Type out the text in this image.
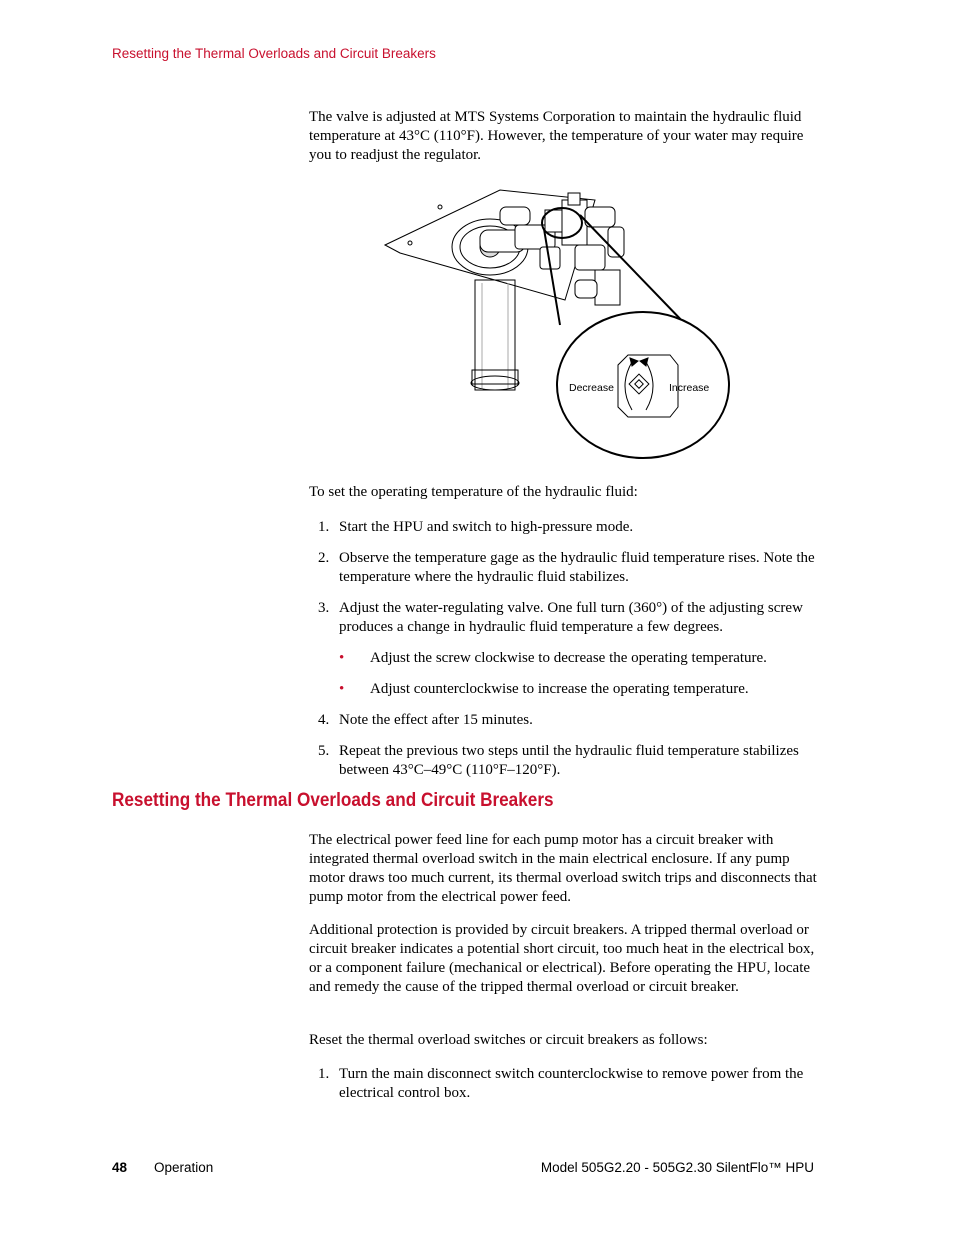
Resetting the Thermal Overloads and Circuit Breakers

The valve is adjusted at MTS Systems Corporation to maintain the hydraulic fluid temperature at 43°C (110°F). However, the temperature of your water may require you to readjust the regulator.

Decrease	Increase

To set the operating temperature of the hydraulic fluid:

1. Start the HPU and switch to high-pressure mode.
2. Observe the temperature gage as the hydraulic fluid temperature rises. Note the temperature where the hydraulic fluid stabilizes.
3. Adjust the water-regulating valve. One full turn (360°) of the adjusting screw produces a change in hydraulic fluid temperature a few degrees.
• Adjust the screw clockwise to decrease the operating temperature.
• Adjust counterclockwise to increase the operating temperature.
4. Note the effect after 15 minutes.
5. Repeat the previous two steps until the hydraulic fluid temperature stabilizes between 43°C–49°C (110°F–120°F).
Resetting the Thermal Overloads and Circuit Breakers

The electrical power feed line for each pump motor has a circuit breaker with integrated thermal overload switch in the main electrical enclosure. If any pump motor draws too much current, its thermal overload switch trips and disconnects that pump motor from the electrical power feed.

Additional protection is provided by circuit breakers. A tripped thermal overload or circuit breaker indicates a potential short circuit, too much heat in the electrical box, or a component failure (mechanical or electrical). Before operating the HPU, locate and remedy the cause of the tripped thermal overload or circuit breaker.

Reset the thermal overload switches or circuit breakers as follows:

1. Turn the main disconnect switch counterclockwise to remove power from the electrical control box.
48 Operation	Model 505G2.20 - 505G2.30 SilentFlo™ HPU
